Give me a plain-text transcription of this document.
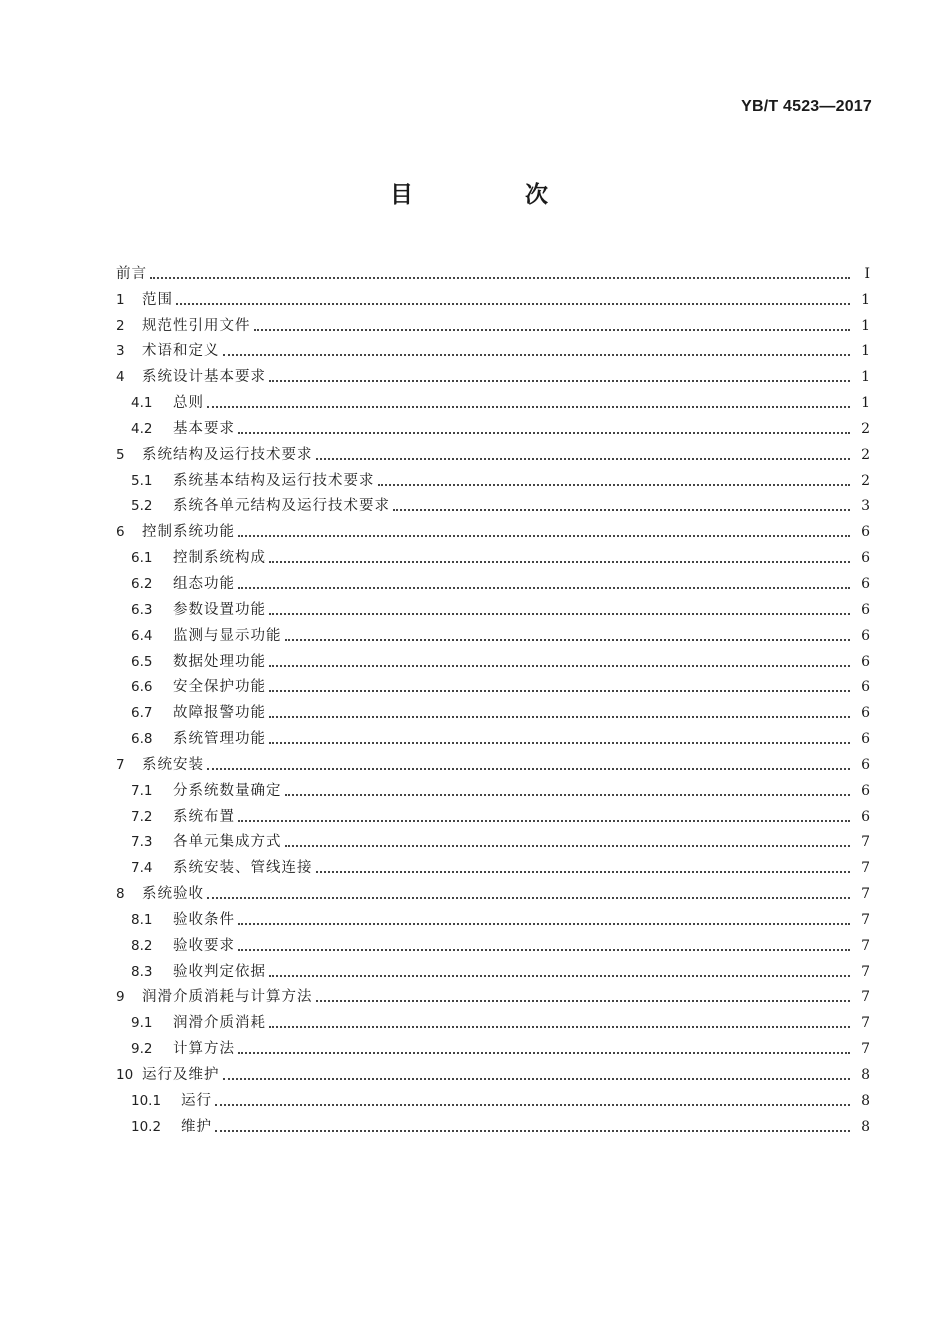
YB/T 4523—2017
目 次
前言	I
1	范围	1
2	规范性引用文件	1
3	术语和定义	1
4	系统设计基本要求	1
4.1	总则	1
4.2	基本要求	2
5	系统结构及运行技术要求	2
5.1	系统基本结构及运行技术要求	2
5.2	系统各单元结构及运行技术要求	3
6	控制系统功能	6
6.1	控制系统构成	6
6.2	组态功能	6
6.3	参数设置功能	6
6.4	监测与显示功能	6
6.5	数据处理功能	6
6.6	安全保护功能	6
6.7	故障报警功能	6
6.8	系统管理功能	6
7	系统安装	6
7.1	分系统数量确定	6
7.2	系统布置	6
7.3	各单元集成方式	7
7.4	系统安装、管线连接	7
8	系统验收	7
8.1	验收条件	7
8.2	验收要求	7
8.3	验收判定依据	7
9	润滑介质消耗与计算方法	7
9.1	润滑介质消耗	7
9.2	计算方法	7
10 运行及维护	8
10.1	运行	8
10.2	维护	8
